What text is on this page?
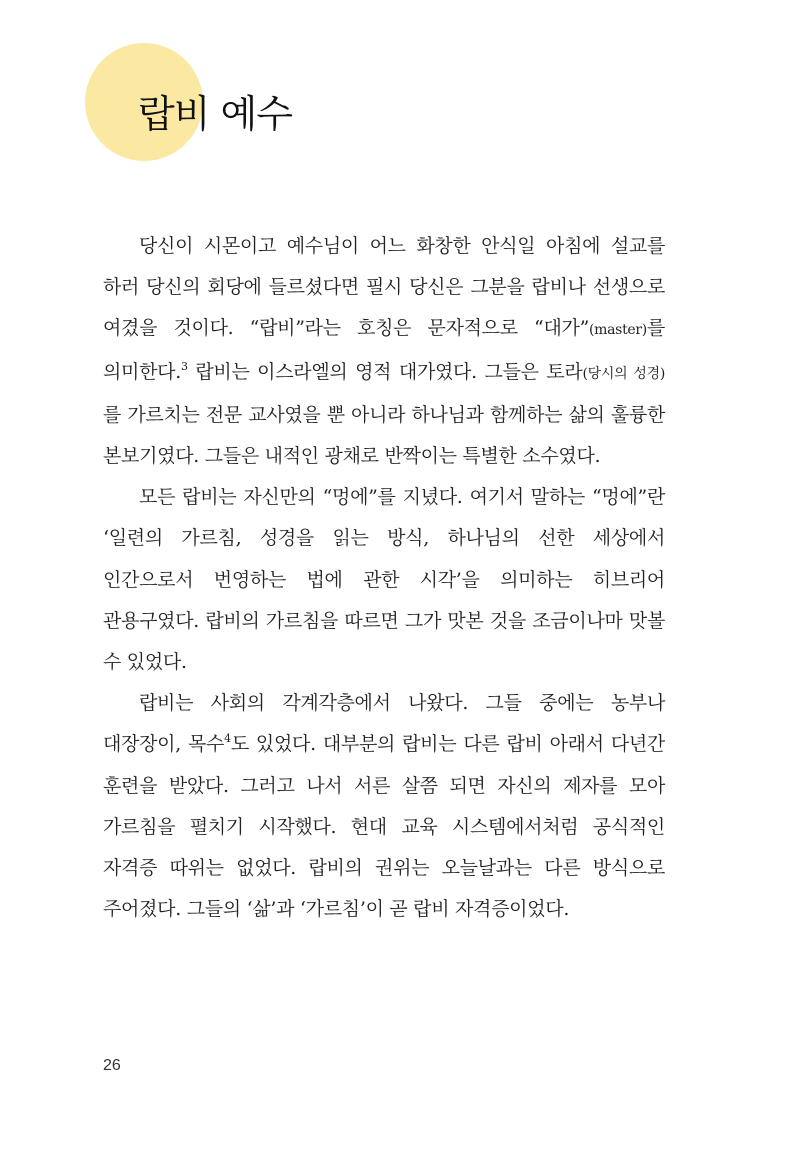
랍비 예수

당신이 시몬이고 예수님이 어느 화창한 안식일 아침에 설교를 하러 당신의 회당에 들르셨다면 필시 당신은 그분을 랍비나 선생으로 여겼을 것이다. “랍비”라는 호칭은 문자적으로 “대가”(master)를 의미한다.$^3$ 랍비는 이스라엘의 영적 대가였다. 그들은 토라(당시의 성경)를 가르치는 전문 교사였을 뿐 아니라 하나님과 함께하는 삶의 훌륭한 본보기였다. 그들은 내적인 광채로 반짝이는 특별한 소수였다.

모든 랍비는 자신만의 “멍에”를 지녔다. 여기서 말하는 “멍에”란 ‘일련의 가르침, 성경을 읽는 방식, 하나님의 선한 세상에서 인간으로서 번영하는 법에 관한 시각’을 의미하는 히브리어 관용구였다. 랍비의 가르침을 따르면 그가 맛본 것을 조금이나마 맛볼 수 있었다.

랍비는 사회의 각계각층에서 나왔다. 그들 중에는 농부나 대장장이, 목수$^4$도 있었다. 대부분의 랍비는 다른 랍비 아래서 다년간 훈련을 받았다. 그러고 나서 서른 살쯤 되면 자신의 제자를 모아 가르침을 펼치기 시작했다. 현대 교육 시스템에서처럼 공식적인 자격증 따위는 없었다. 랍비의 권위는 오늘날과는 다른 방식으로 주어졌다. 그들의 ‘삶’과 ‘가르침’이 곧 랍비 자격증이었다.

26
